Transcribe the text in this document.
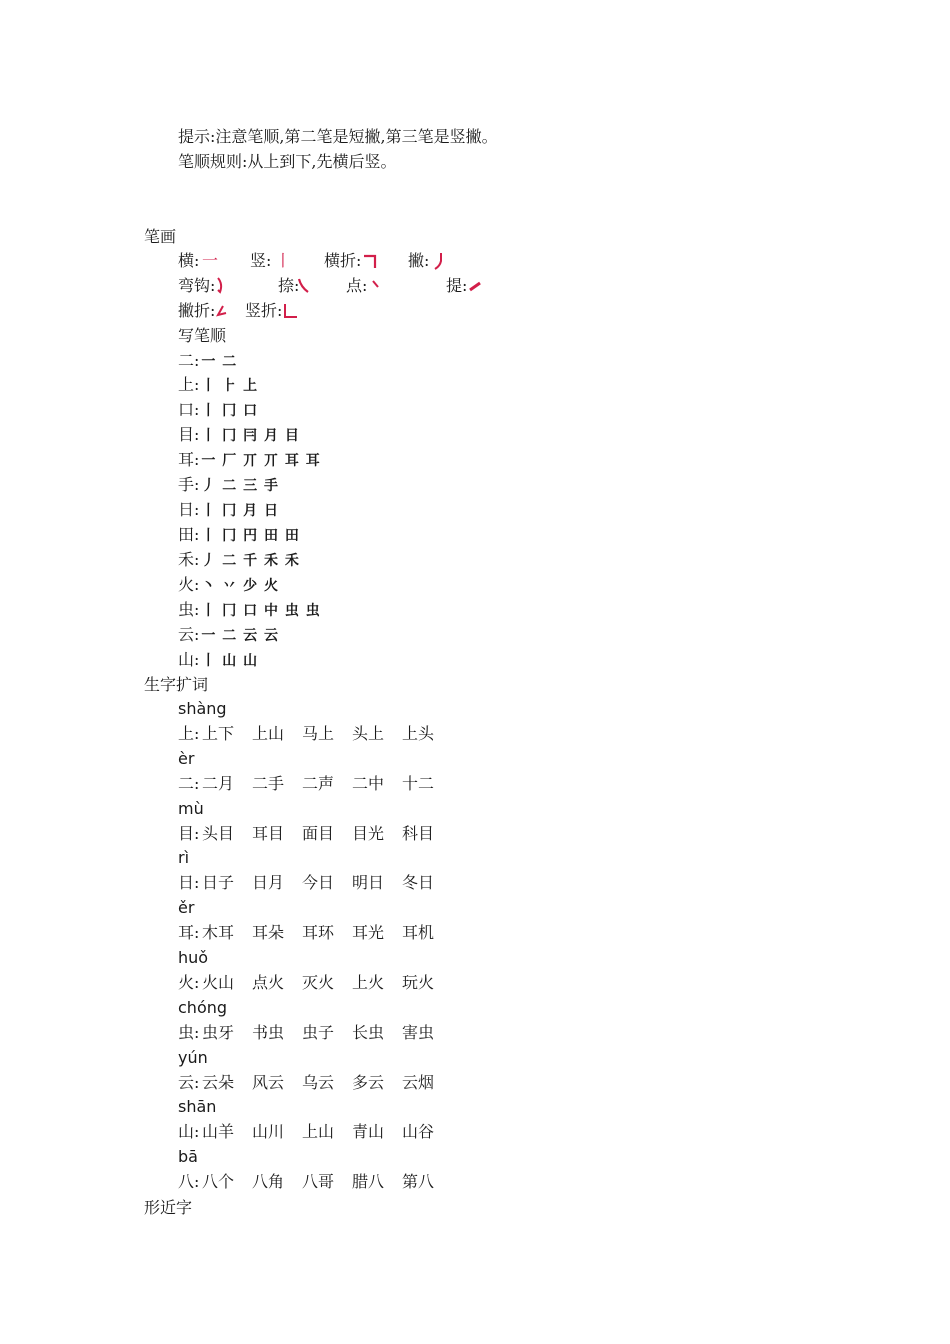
提示:注意笔顺,第二笔是短撇,第三笔是竖撇。
笔顺规则:从上到下,先横后竖。
笔画
横: 一 竖: 丨 横折:	撇:
弯钩:	捺:	点:	提:
撇折: 竖折:
写笔顺
二: 一 二
上: 丨 ⺊ 上
口: 丨 冂 口
目: 丨 冂 冃 月 目
耳: 一 厂 丌 丌 耳 耳
手: 丿 二 三 手
日: 丨 冂 月 日
田: 丨 冂 円 田 田
禾: 丿 二 千 禾 禾
火: 丶 丷 少 火
虫: 丨 冂 口 中 虫 虫
云: 一 二 云 云
山: 丨 山 山
生字扩词
shàng
上: 上下 上山 马上 头上 上头
èr
二: 二月 二手 二声 二中 十二
mù
目: 头目 耳目 面目 目光 科目
rì
日: 日子 日月 今日 明日 冬日
ěr
耳: 木耳 耳朵 耳环 耳光 耳机
huǒ
火: 火山 点火 灭火 上火 玩火
chóng
虫: 虫牙 书虫 虫子 长虫 害虫
yún
云: 云朵 风云 乌云 多云 云烟
shān
山: 山羊 山川 上山 青山 山谷
bā
八: 八个 八角 八哥 腊八 第八
形近字
